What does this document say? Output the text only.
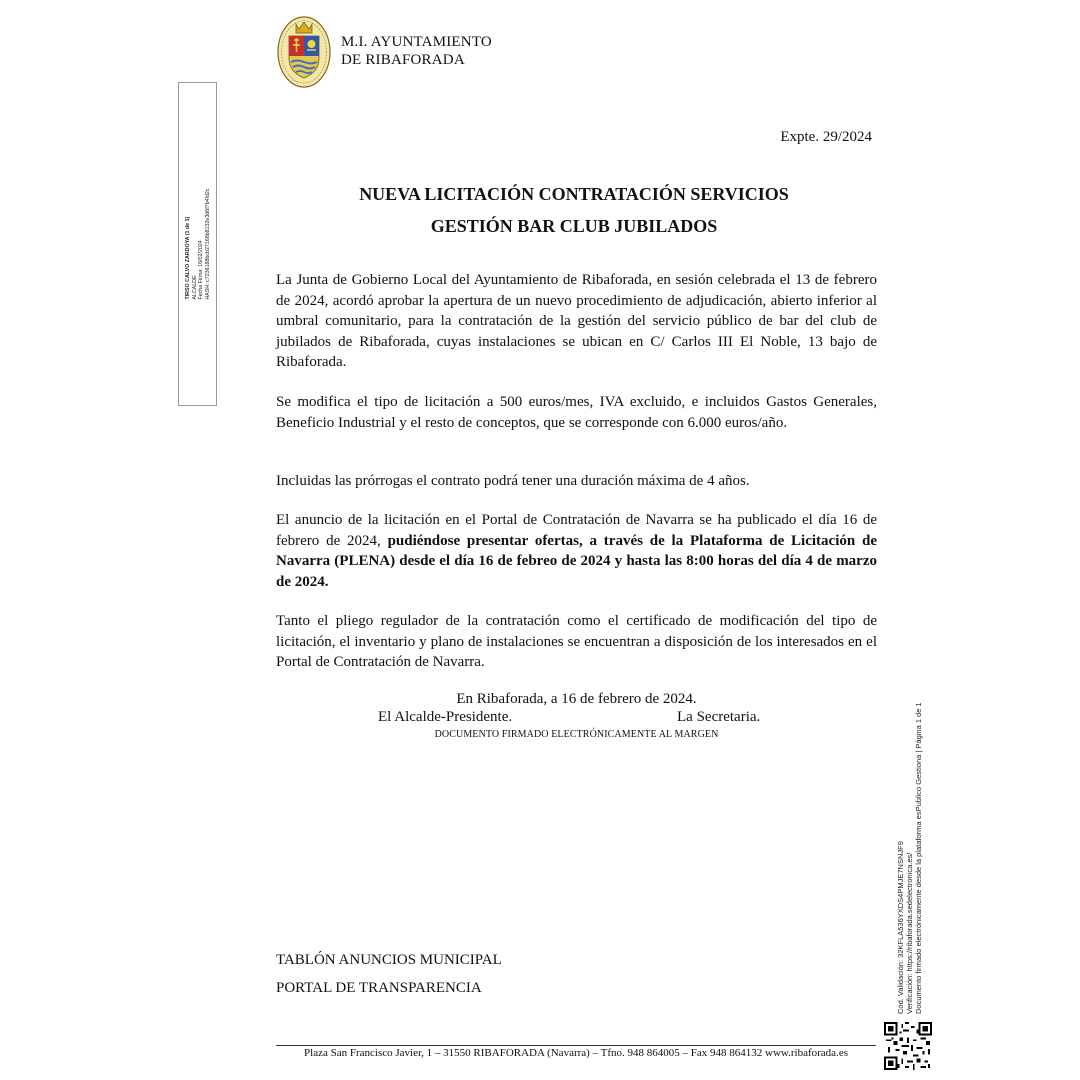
M.I. AYUNTAMIENTO
DE RIBAFORADA
TIRSO CALVO ZARDOYA (1 de 1) ALCALDE Fecha Firma: 16/02/2024 HASH: c7236188bcb27168b8132e3d6f7b4fd2c
Expte. 29/2024
NUEVA LICITACIÓN CONTRATACIÓN SERVICIOS
GESTIÓN BAR CLUB JUBILADOS
La Junta de Gobierno Local del Ayuntamiento de Ribaforada, en sesión celebrada el 13 de febrero de 2024, acordó aprobar la apertura de un nuevo procedimiento de adjudicación, abierto inferior al umbral comunitario, para la contratación de la gestión del servicio público de bar del club de jubilados de Ribaforada, cuyas instalaciones se ubican en C/ Carlos III El Noble, 13 bajo de Ribaforada.
Se modifica el tipo de licitación a 500 euros/mes, IVA excluido, e incluidos Gastos Generales, Beneficio Industrial y el resto de conceptos, que se corresponde con 6.000 euros/año.
Incluidas las prórrogas el contrato podrá tener una duración máxima de 4 años.
El anuncio de la licitación en el Portal de Contratación de Navarra se ha publicado el día 16 de febrero de 2024, pudiéndose presentar ofertas, a través de la Plataforma de Licitación de Navarra (PLENA) desde el día 16 de febreo de 2024 y hasta las 8:00 horas del día 4 de marzo de 2024.
Tanto el pliego regulador de la contratación como el certificado de modificación del tipo de licitación, el inventario y plano de instalaciones se encuentran a disposición de los interesados en el Portal de Contratación de Navarra.
En Ribaforada, a 16 de febrero de 2024.
El Alcalde-Presidente.	La Secretaria.
DOCUMENTO FIRMADO ELECTRÓNICAMENTE AL MARGEN
TABLÓN ANUNCIOS MUNICIPAL
PORTAL DE TRANSPARENCIA
Plaza San Francisco Javier, 1 – 31550 RIBAFORADA (Navarra) – Tfno. 948 864005 – Fax 948 864132 www.ribaforada.es
Cód. Validación: 32KFLA536YXDS4PMJE7NSNJF9 Verificación: https://ribaforada.sedelectronica.es/ Documento firmado electrónicamente desde la plataforma esPublico Gestiona | Página 1 de 1
